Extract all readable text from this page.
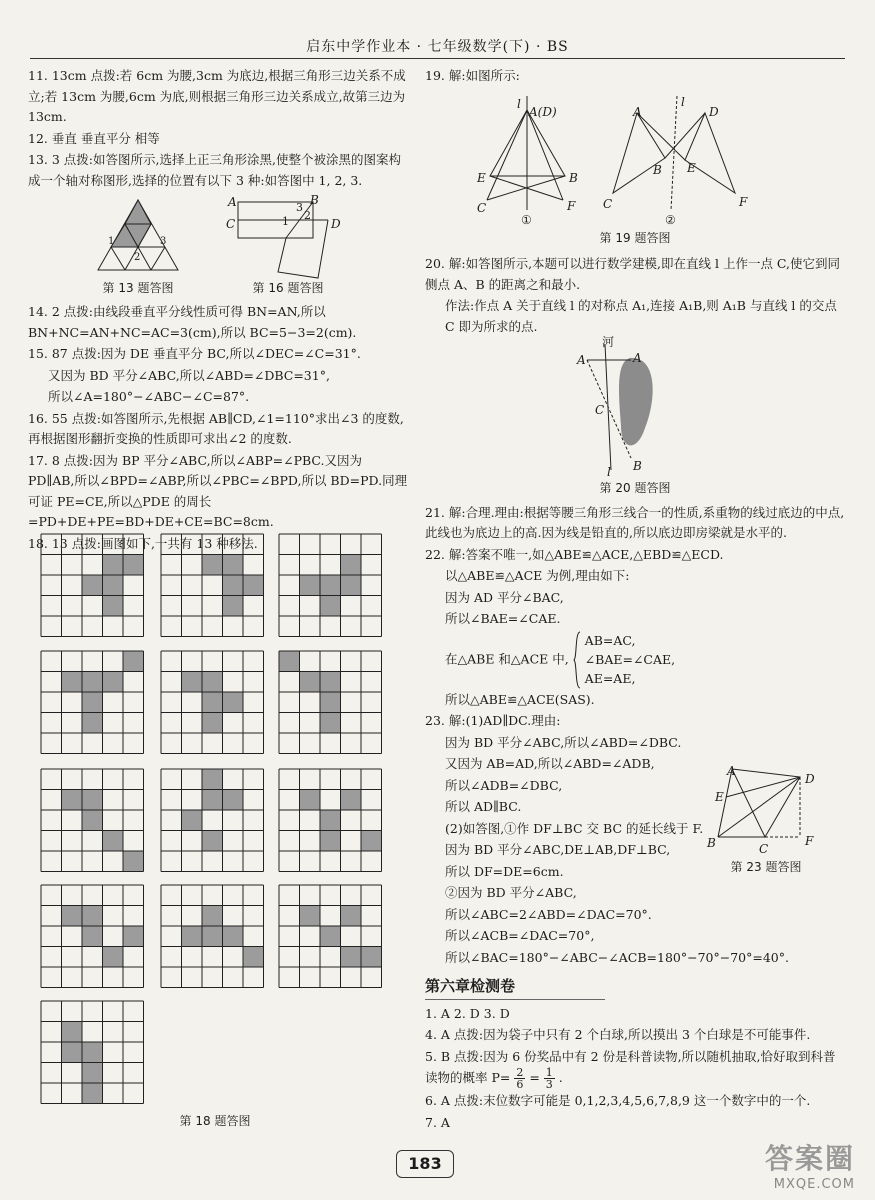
启东中学作业本 · 七年级数学(下) · BS
11. 13cm 点拨:若 6cm 为腰,3cm 为底边,根据三角形三边关系不成立;若 13cm 为腰,6cm 为底,则根据三角形三边关系成立,故第三边为 13cm.
12. 垂直 垂直平分 相等
13. 3 点拨:如答图所示,选择上正三角形涂黑,使整个被涂黑的图案构成一个轴对称图形,选择的位置有以下 3 种:如答图中 1, 2, 3.
A	B
C	D
1 2
3
1
2
3
第 13 题答图	第 16 题答图
14. 2 点拨:由线段垂直平分线性质可得 BN=AN,所以 BN+NC=AN+NC=AC=3(cm),所以 BC=5−3=2(cm).
15. 87 点拨:因为 DE 垂直平分 BC,所以∠DEC=∠C=31°.
又因为 BD 平分∠ABC,所以∠ABD=∠DBC=31°,
所以∠A=180°−∠ABC−∠C=87°.
16. 55 点拨:如答图所示,先根据 AB∥CD,∠1=110°求出∠3 的度数,再根据图形翻折变换的性质即可求出∠2 的度数.
17. 8 点拨:因为 BP 平分∠ABC,所以∠ABP=∠PBC.又因为 PD∥AB,所以∠BPD=∠ABP,所以∠PBC=∠BPD,所以 BD=PD.同理可证 PE=CE,所以△PDE 的周长=PD+DE+PE=BD+DE+CE=BC=8cm.
18. 13 点拨:画图如下,一共有 13 种移法.
第 18 题答图
19. 解:如图所示:
l
A(D)
E	B
C	F
A	D
B E
C	F
l
①	②
第 19 题答图
20. 解:如答图所示,本题可以进行数学建模,即在直线 l 上作一点 C,使它到同侧点 A、B 的距离之和最小.
作法:作点 A 关于直线 l 的对称点 A₁,连接 A₁B,则 A₁B 与直线 l 的交点 C 即为所求的点.
河
A	A
C
B
l
第 20 题答图
21. 解:合理.理由:根据等腰三角形三线合一的性质,系重物的线过底边的中点,此线也为底边上的高.因为线是铅直的,所以底边即房梁就是水平的.
22. 解:答案不唯一,如△ABE≌△ACE,△EBD≌△ECD.
以△ABE≌△ACE 为例,理由如下:
因为 AD 平分∠BAC,
所以∠BAE=∠CAE.
在△ABE 和△ACE 中,
AB=AC,
∠BAE=∠CAE,
AE=AE,
所以△ABE≌△ACE(SAS).
23. 解:(1)AD∥DC.理由:
因为 BD 平分∠ABC,所以∠ABD=∠DBC.
又因为 AB=AD,所以∠ABD=∠ADB,
所以∠ADB=∠DBC,
所以 AD∥BC.
(2)如答图,①作 DF⊥BC 交 BC 的延长线于 F.
因为 BD 平分∠ABC,DE⊥AB,DF⊥BC,
所以 DF=DE=6cm.
②因为 BD 平分∠ABC,
所以∠ABC=2∠ABD=∠DAC=70°.
所以∠ACB=∠DAC=70°,
所以∠BAC=180°−∠ABC−∠ACB=180°−70°−70°=40°.
A
E
D
B	C
F
第 23 题答图
第六章检测卷
1. A 2. D 3. D
4. A 点拨:因为袋子中只有 2 个白球,所以摸出 3 个白球是不可能事件.
5. B 点拨:因为 6 份奖品中有 2 份是科普读物,所以随机抽取,恰好取到科普读物的概率 $P= \frac{2}{6} = \frac{1}{3}$ .
6. A 点拨:末位数字可能是 0,1,2,3,4,5,6,7,8,9 这一个数字中的一个.
7. A
183	答案圈
MXQE.COM
